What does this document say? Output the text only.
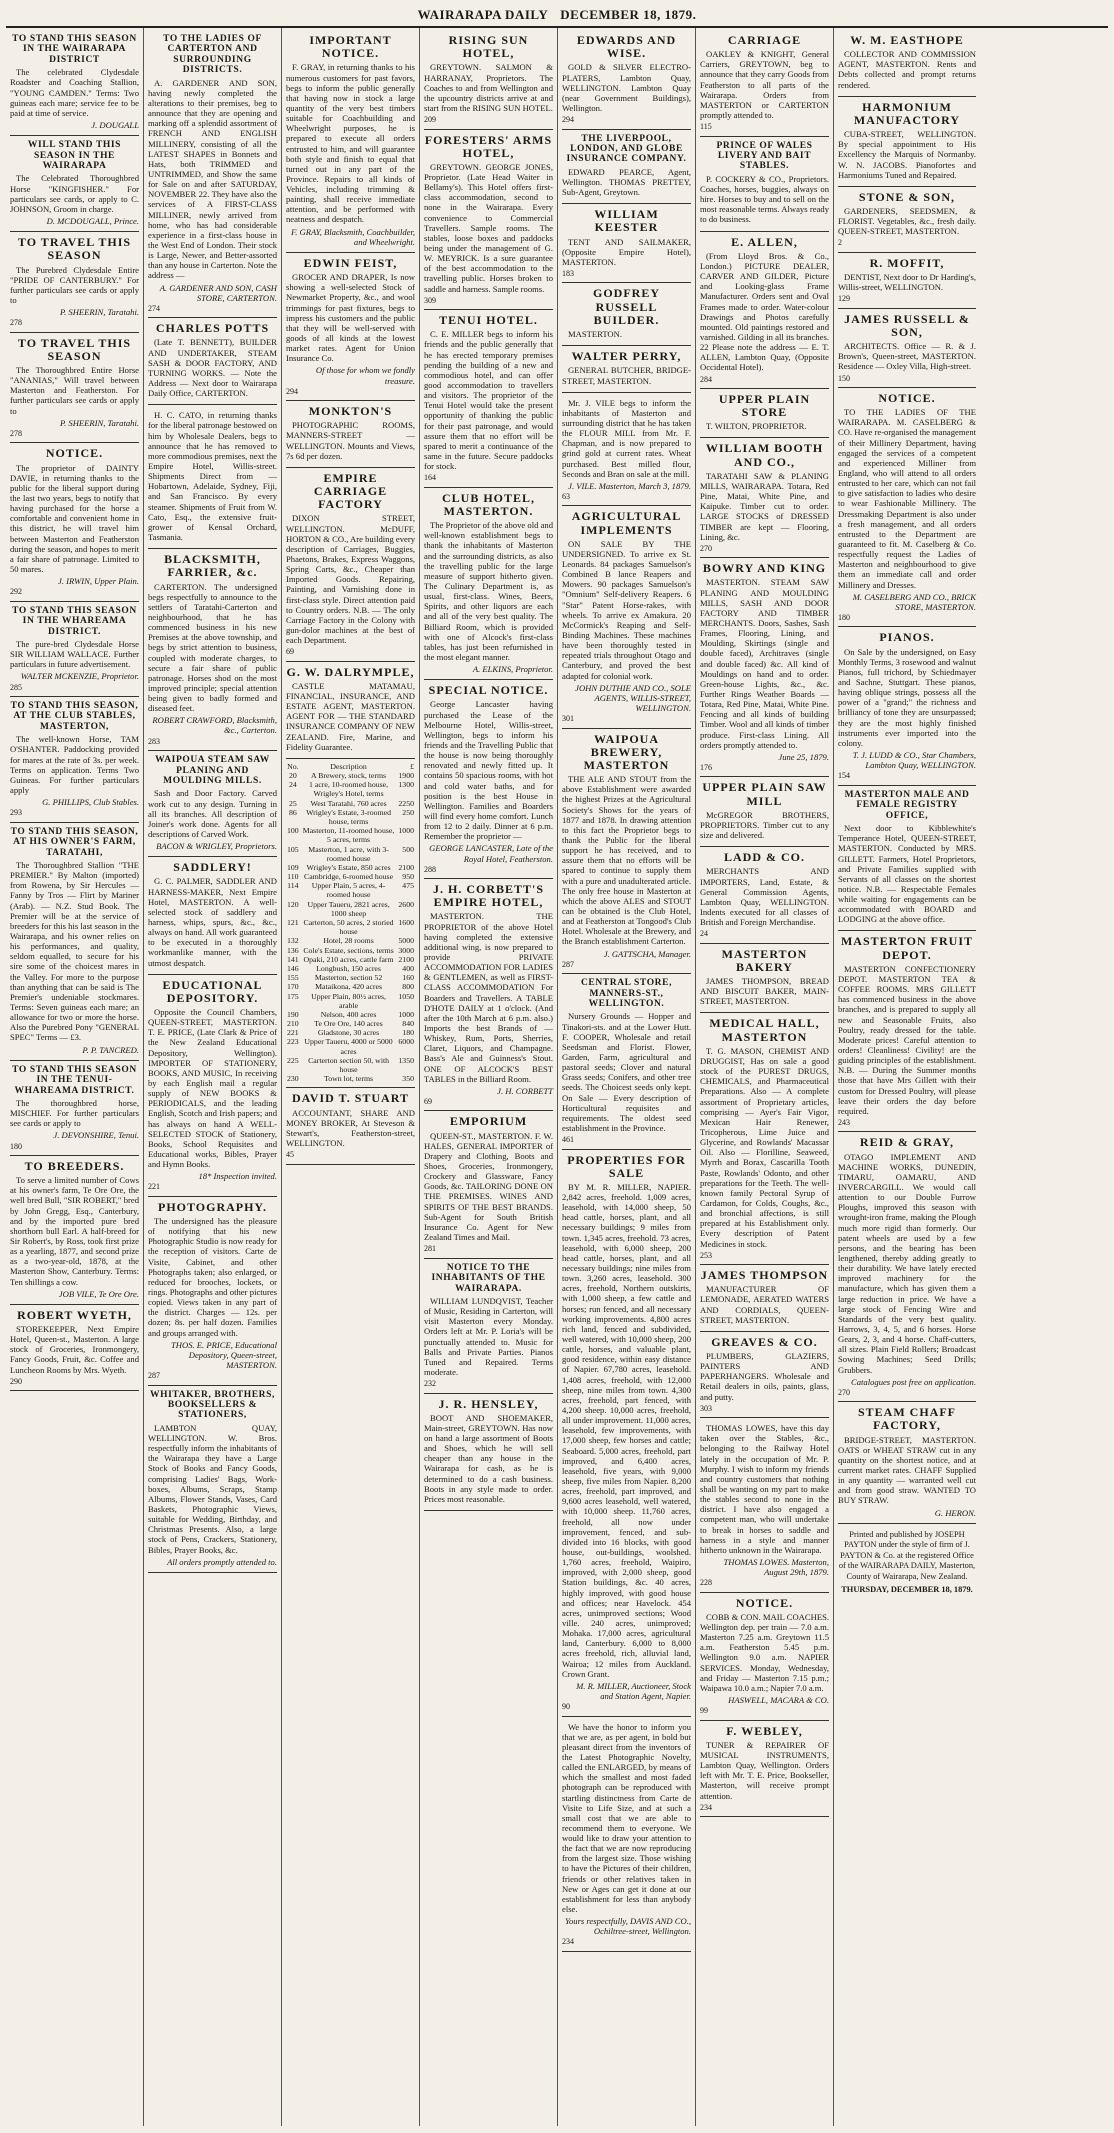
WAIRARAPA DAILY DECEMBER 18, 1879.
TO STAND THIS SEASON IN THE WAIRARAPA DISTRICT

The celebrated Clydesdale Roadster and Coaching Stallion, "YOUNG CAMDEN." Terms: Two guineas each mare; service fee to be paid at time of service.

J. DOUGALL
WILL STAND THIS SEASON IN THE WAIRARAPA

The Celebrated Thoroughbred Horse "KINGFISHER." For particulars see cards, or apply to C. JOHNSON, Groom in charge.

D. MCDOUGALL, Prince.
TO TRAVEL THIS SEASON

The Purebred Clydesdale Entire "PRIDE OF CANTERBURY." For further particulars see cards or apply to

P. SHEERIN, Taratahi.
278
TO TRAVEL THIS SEASON

The Thoroughbred Entire Horse "ANANIAS," Will travel between Masterton and Featherston. For further particulars see cards or apply to

P. SHEERIN, Taratahi.
278
NOTICE.

The proprietor of DAINTY DAVIE, in returning thanks to the public for the liberal support during the last two years, begs to notify that having purchased for the horse a comfortable and convenient home in this district, he will travel him between Masterton and Featherston during the season, and hopes to merit a fair share of patronage. Limited to 50 mares.

J. IRWIN, Upper Plain.
292
TO STAND THIS SEASON IN THE WHAREAMA DISTRICT.

The pure-bred Clydesdale Horse SIR WILLIAM WALLACE. Further particulars in future advertisement.

WALTER MCKENZIE, Proprietor.
285
TO STAND THIS SEASON, AT THE CLUB STABLES, MASTERTON,

The well-known Horse, TAM O'SHANTER. Paddocking provided for mares at the rate of 3s. per week. Terms on application. Terms Two Guineas. For further particulars apply

G. PHILLIPS, Club Stables.
293
TO STAND THIS SEASON, AT HIS OWNER'S FARM, TARATAHI,

The Thoroughbred Stallion "THE PREMIER." By Malton (imported) from Rowena, by Sir Hercules — Fanny by Tros — Flirt by Mariner (Arab). — N.Z. Stud Book. The Premier will be at the service of breeders for this his last season in the Wairarapa, and his owner relies on his performances, and quality, seldom equalled, to secure for his sire some of the choicest mares in the Valley. For more to the purpose than anything that can be said is The Premier's undeniable stockmares. Terms: Seven guineas each mare; an allowance for two or more the horse. Also the Purebred Pony "GENERAL SPEC" Terms — £3.

P. P. TANCRED.
TO STAND THIS SEASON IN THE TENUI-WHAREAMA DISTRICT.

The thoroughbred horse, MISCHIEF. For further particulars see cards or apply to

J. DEVONSHIRE, Tenui.
180
TO BREEDERS.

To serve a limited number of Cows at his owner's farm, Te Ore Ore, the well bred Bull, "SIR ROBERT," bred by John Gregg, Esq., Canterbury, and by the imported pure bred shorthorn bull Earl. A half-breed for Sir Robert's, by Ross, took first prize as a yearling, 1877, and second prize as a two-year-old, 1878, at the Masterton Show, Canterbury. Terms: Ten shillings a cow.

JOB VILE, Te Ore Ore.
ROBERT WYETH,

STOREKEEPER, Next Empire Hotel, Queen-st., Masterton. A large stock of Groceries, Ironmongery, Fancy Goods, Fruit, &c. Coffee and Luncheon Rooms by Mrs. Wyeth.

290
TO THE LADIES OF CARTERTON AND SURROUNDING DISTRICTS.

A. GARDENER AND SON, having newly completed the alterations to their premises, beg to announce that they are opening and marking off a splendid assortment of FRENCH AND ENGLISH MILLINERY, consisting of all the LATEST SHAPES in Bonnets and Hats, both TRIMMED and UNTRIMMED, and Show the same for Sale on and after SATURDAY, NOVEMBER 22. They have also the services of A FIRST-CLASS MILLINER, newly arrived from home, who has had considerable experience in a first-class house in the West End of London. Their stock is Large, Newer, and Better-assorted than any house in Carterton. Note the address —

A. GARDENER AND SON, CASH STORE, CARTERTON.
274
CHARLES POTTS

(Late T. BENNETT), BUILDER AND UNDERTAKER, STEAM SASH & DOOR FACTORY, AND TURNING WORKS. — Note the Address — Next door to Wairarapa Daily Office, CARTERTON.

H. C. CATO, in returning thanks for the liberal patronage bestowed on him by Wholesale Dealers, begs to announce that he has removed to more commodious premises, next the Empire Hotel, Willis-street. Shipments Direct from — Hobartown, Adelaide, Sydney, Fiji, and San Francisco. By every steamer. Shipments of Fruit from W. Cato, Esq., the extensive fruit-grower of Kensal Orchard, Tasmania.

BLACKSMITH, FARRIER, &c.

CARTERTON. The undersigned begs respectfully to announce to the settlers of Taratahi-Carterton and neighbourhood, that he has commenced business in his new Premises at the above township, and begs by strict attention to business, coupled with moderate charges, to secure a fair share of public patronage. Horses shod on the most improved principle; special attention being given to badly formed and diseased feet.

ROBERT CRAWFORD, Blacksmith, &c., Carterton.
283
WAIPOUA STEAM SAW PLANING AND MOULDING MILLS.

Sash and Door Factory. Carved work cut to any design. Turning in all its branches. All description of Joiner's work done. Agents for all descriptions of Carved Work.

BACON & WRIGLEY, Proprietors.
SADDLERY!

G. C. PALMER, SADDLER AND HARNESS-MAKER, Next Empire Hotel, MASTERTON. A well-selected stock of saddlery and harness, whips, spurs, &c., &c., always on hand. All work guaranteed to be executed in a thoroughly workmanlike manner, with the utmost despatch.

EDUCATIONAL DEPOSITORY.

Opposite the Council Chambers, QUEEN-STREET, MASTERTON. T. E. PRICE, (Late Clark & Price of the New Zealand Educational Depository, Wellington). IMPORTER OF STATIONERY, BOOKS, AND MUSIC, In receiving by each English mail a regular supply of NEW BOOKS & PERIODICALS, and the leading English, Scotch and Irish papers; and has always on hand A WELL-SELECTED STOCK of Stationery, Books, School Requisites and Educational works, Bibles, Prayer and Hymn Books.

18* Inspection invited.
221
PHOTOGRAPHY.

The undersigned has the pleasure of notifying that his new Photographic Studio is now ready for the reception of visitors. Carte de Visite, Cabinet, and other Photographs taken; also enlarged, or reduced for brooches, lockets, or rings. Photographs and other pictures copied. Views taken in any part of the district. Charges — 12s. per dozen; 8s. per half dozen. Families and groups arranged with.

THOS. E. PRICE, Educational Depository, Queen-street, MASTERTON.
287
WHITAKER, BROTHERS, BOOKSELLERS & STATIONERS,

LAMBTON QUAY, WELLINGTON. W. Bros. respectfully inform the inhabitants of the Wairarapa they have a Large Stock of Books and Fancy Goods, comprising Ladies' Bags, Work-boxes, Albums, Scraps, Stamp Albums, Flower Stands, Vases, Card Baskets, Photographic Views, suitable for Wedding, Birthday, and Christmas Presents. Also, a large stock of Pens, Crackers, Stationery, Bibles, Prayer Books, &c.

All orders promptly attended to.
IMPORTANT NOTICE.

F. GRAY, in returning thanks to his numerous customers for past favors, begs to inform the public generally that having now in stock a large quantity of the very best timbers suitable for Coachbuilding and Wheelwright purposes, he is prepared to execute all orders entrusted to him, and will guarantee both style and finish to equal that turned out in any part of the Province. Repairs to all kinds of Vehicles, including trimming & painting, shall receive immediate attention, and be performed with neatness and despatch.

F. GRAY, Blacksmith, Coachbuilder, and Wheelwright.
EDWIN FEIST,

GROCER AND DRAPER, Is now showing a well-selected Stock of Newmarket Property, &c., and wool trimmings for past fixtures, begs to impress his customers and the public that they will be well-served with goods of all kinds at the lowest market rates. Agent for Union Insurance Co.

Of those for whom we fondly treasure.
294
MONKTON'S

PHOTOGRAPHIC ROOMS, MANNERS-STREET — WELLINGTON. Mounts and Views, 7s 6d per dozen.

EMPIRE CARRIAGE FACTORY

DIXON STREET, WELLINGTON. McDUFF, HORTON & CO., Are building every description of Carriages, Buggies, Phaetons, Brakes, Express Waggons, Spring Carts, &c., Cheaper than Imported Goods. Repairing, Painting, and Varnishing done in first-class style. Direct attention paid to Country orders. N.B. — The only Carriage Factory in the Colony with gun-dolor machines at the best of each Department.

69
G. W. DALRYMPLE,

CASTLE MATAMAU, FINANCIAL, INSURANCE, AND ESTATE AGENT, MASTERTON. AGENT FOR — THE STANDARD INSURANCE COMPANY OF NEW ZEALAND. Fire, Marine, and Fidelity Guarantee.

No.	Description	£
20	A Brewery, stock, terms	1900
24	1 acre, 10-roomed house, Wrigley's Hotel, terms	1300
25	West Taratahi, 760 acres	2250
86	Wrigley's Estate, 3-roomed house, terms	250
100	Masterton, 11-roomed house, 5 acres, terms	1000
105	Masterton, 1 acre, with 3-roomed house	500
109	Wrigley's Estate, 850 acres	2100
110	Cambridge, 6-roomed house	950
114	Upper Plain, 5 acres, 4-roomed house	475
120	Upper Taueru, 2821 acres, 1000 sheep	2600
121	Carterton, 50 acres, 2 storied house	1600
132	Hotel, 28 rooms	5000
136	Cole's Estate, sections, terms	3000
141	Opaki, 210 acres, cattle farm	2100
146	Longbush, 150 acres	400
155	Masterton, section 52	160
170	Mataikona, 420 acres	800
175	Upper Plain, 80½ acres, arable	1050
190	Nelson, 400 acres	1000
210	Te Ore Ore, 140 acres	840
221	Gladstone, 30 acres	180
223	Upper Taueru, 4000 or 5000 acres	6000
225	Carterton section 50, with house	1350
230	Town lot, terms	350
DAVID T. STUART

ACCOUNTANT, SHARE AND MONEY BROKER, At Steveson & Stewart's, Featherston-street, WELLINGTON.

45
RISING SUN HOTEL,

GREYTOWN. SALMON & HARRANAY, Proprietors. The Coaches to and from Wellington and the upcountry districts arrive at and start from the RISING SUN HOTEL.

209
FORESTERS' ARMS HOTEL,

GREYTOWN. GEORGE JONES, Proprietor. (Late Head Waiter in Bellamy's). This Hotel offers first-class accommodation, second to none in the Wairarapa. Every convenience to Commercial Travellers. Sample rooms. The stables, loose boxes and paddocks being under the management of G. W. MEYRICK. Is a sure guarantee of the best accommodation to the travelling public. Horses broken to saddle and harness. Sample rooms.

309
TENUI HOTEL.

C. E. MILLER begs to inform his friends and the public generally that he has erected temporary premises pending the building of a new and commodious hotel, and can offer good accommodation to travellers and visitors. The proprietor of the Tenui Hotel would take the present opportunity of thanking the public for their past patronage, and would assure them that no effort will be spared to merit a continuance of the same in the future. Secure paddocks for stock.

164
CLUB HOTEL, MASTERTON.

The Proprietor of the above old and well-known establishment begs to thank the inhabitants of Masterton and the surrounding districts, as also the travelling public for the large measure of support hitherto given. The Culinary Department is, as usual, first-class. Wines, Beers, Spirits, and other liquors are each and all of the very best quality. The Billiard Room, which is provided with one of Alcock's first-class tables, has just been refurnished in the most elegant manner.

A. ELKINS, Proprietor.
SPECIAL NOTICE.

George Lancaster having purchased the Lease of the Melbourne Hotel, Willis-street, Wellington, begs to inform his friends and the Travelling Public that the house is now being thoroughly renovated and newly fitted up. It contains 50 spacious rooms, with hot and cold water baths, and for position is the best House in Wellington. Families and Boarders will find every home comfort. Lunch from 12 to 2 daily. Dinner at 6 p.m. Remember the proprietor —

GEORGE LANCASTER, Late of the Royal Hotel, Featherston.
288
J. H. CORBETT'S EMPIRE HOTEL,

MASTERTON. THE PROPRIETOR of the above Hotel having completed the extensive additional wing, is now prepared to provide PRIVATE ACCOMMODATION FOR LADIES & GENTLEMEN, as well as FIRST-CLASS ACCOMMODATION For Boarders and Travellers. A TABLE D'HOTE DAILY at 1 o'clock. (And after the 10th March at 6 p.m. also.) Imports the best Brands of — Whiskey, Rum, Ports, Sherries, Claret, Liquors, and Champagne. Bass's Ale and Guinness's Stout. ONE OF ALCOCK'S BEST TABLES in the Billiard Room.

J. H. CORBETT
69
EMPORIUM

QUEEN-ST., MASTERTON. F. W. HALES, GENERAL IMPORTER of Drapery and Clothing, Boots and Shoes, Groceries, Ironmongery, Crockery and Glassware, Fancy Goods, &c. TAILORING DONE ON THE PREMISES. WINES AND SPIRITS OF THE BEST BRANDS. Sub-Agent for South British Insurance Co. Agent for New Zealand Times and Mail.

281
NOTICE TO THE INHABITANTS OF THE WAIRARAPA.

WILLIAM LUNDQVIST, Teacher of Music, Residing in Carterton, will visit Masterton every Monday. Orders left at Mr. P. Loria's will be punctually attended to. Music for Balls and Private Parties. Pianos Tuned and Repaired. Terms moderate.

232
J. R. HENSLEY,

BOOT AND SHOEMAKER, Main-street, GREYTOWN. Has now on hand a large assortment of Boots and Shoes, which he will sell cheaper than any house in the Wairarapa for cash, as he is determined to do a cash business. Boots in any style made to order. Prices most reasonable.

EDWARDS AND WISE.

GOLD & SILVER ELECTRO-PLATERS, Lambton Quay, WELLINGTON. Lambton Quay (near Government Buildings), Wellington.

294
THE LIVERPOOL, LONDON, AND GLOBE INSURANCE COMPANY.

EDWARD PEARCE, Agent, Wellington. THOMAS PRETTEY, Sub-Agent, Greytown.

WILLIAM KEESTER

TENT AND SAILMAKER, (Opposite Empire Hotel), MASTERTON.

183
GODFREY RUSSELL BUILDER.

MASTERTON.

WALTER PERRY,

GENERAL BUTCHER, BRIDGE-STREET, MASTERTON.

Mr. J. VILE begs to inform the inhabitants of Masterton and surrounding district that he has taken the FLOUR MILL from Mr. F. Chapman, and is now prepared to grind gold at current rates. Wheat purchased. Best milled flour, Seconds and Bran on sale at the mill.

J. VILE. Masterton, March 3, 1879.
63
AGRICULTURAL IMPLEMENTS

ON SALE BY THE UNDERSIGNED. To arrive ex St. Leonards. 84 packages Samuelson's Combined B lance Reapers and Mowers. 90 packages Samuelson's "Omnium" Self-delivery Reapers. 6 "Star" Patent Horse-rakes, with wheels. To arrive ex Amakura. 20 McCormick's Reaping and Self-Binding Machines. These machines have been thoroughly tested in repeated trials throughout Otago and Canterbury, and proved the best adapted for colonial work.

JOHN DUTHIE AND CO., SOLE AGENTS, WILLIS-STREET, WELLINGTON.
301
WAIPOUA BREWERY, MASTERTON

THE ALE AND STOUT from the above Establishment were awarded the highest Prizes at the Agricultural Society's Shows for the years of 1877 and 1878. In drawing attention to this fact the Proprietor begs to thank the Public for the liberal support he has received, and to assure them that no efforts will be spared to continue to supply them with a pure and unadulterated article. The only free house in Masterton at which the above ALES and STOUT can be obtained is the Club Hotel, and at Featherston at Tongood's Club Hotel. Wholesale at the Brewery, and the Branch establishment Carterton.

J. GATTSCHA, Manager.
287
CENTRAL STORE, MANNERS-ST., WELLINGTON.

Nursery Grounds — Hopper and Tinakori-sts. and at the Lower Hutt. F. COOPER, Wholesale and retail Seedsman and Florist. Flower, Garden, Farm, agricultural and pastoral seeds; Clover and natural Grass seeds; Conifers, and other tree seeds. The Choicest seeds only kept. On Sale — Every description of Horticultural requisites and requirements. The oldest seed establishment in the Province.

461
PROPERTIES FOR SALE

BY M. R. MILLER, NAPIER. 2,842 acres, freehold. 1,009 acres, leasehold, with 14,000 sheep, 50 head cattle, horses, plant, and all necessary buildings; 9 miles from town. 1,345 acres, freehold. 73 acres, leasehold, with 6,000 sheep, 200 head cattle, horses, plant, and all necessary buildings; nine miles from town. 3,260 acres, leasehold. 300 acres, freehold, Northern outskirts, with 1,000 sheep, a few cattle and horses; run fenced, and all necessary working improvements. 4,800 acres rich land, fenced and subdivided, well watered, with 10,000 sheep, 200 cattle, horses, and valuable plant, good residence, within easy distance of Napier. 67,780 acres, leasehold. 1,408 acres, freehold, with 12,000 sheep, nine miles from town. 4,300 acres, freehold, part fenced, with 4,200 sheep. 10,000 acres, freehold, all under improvement. 11,000 acres, leasehold, few improvements, with 17,000 sheep, few horses and cattle; Seaboard. 5,000 acres, freehold, part improved, and 6,400 acres, leasehold, five years, with 9,000 sheep, five miles from Napier. 8,200 acres, freehold, part improved, and 9,600 acres leasehold, well watered, with 10,000 sheep. 11,760 acres, freehold, all now under improvement, fenced, and sub-divided into 16 blocks, with good house, out-buildings, woolshed. 1,760 acres, freehold, Waipiro, improved, with 2,000 sheep, good Station buildings, &c. 40 acres, highly improved, with good house and offices; near Havelock. 454 acres, unimproved sections; Wood ville. 240 acres, unimproved; Mohaka. 17,000 acres, agricultural land, Canterbury. 6,000 to 8,000 acres freehold, rich, alluvial land, Wairoa; 12 miles from Auckland. Crown Grant.

M. R. MILLER, Auctioneer, Stock and Station Agent, Napier.
90

We have the honor to inform you that we are, as per agent, in bold but pleasant direct from the inventors of the Latest Photographic Novelty, called the ENLARGED, by means of which the smallest and most faded photograph can be reproduced with startling distinctness from Carte de Visite to Life Size, and at such a small cost that we are able to recommend them to everyone. We would like to draw your attention to the fact that we are now reproducing from the largest size. Those wishing to have the Pictures of their children, friends or other relatives taken in New or Ages can get it done at our establishment for less than anybody else.

Yours respectfully, DAVIS AND CO., Ochiltree-street, Wellington.
234
CARRIAGE

OAKLEY & KNIGHT, General Carriers, GREYTOWN, beg to announce that they carry Goods from Featherston to all parts of the Wairarapa. Orders from MASTERTON or CARTERTON promptly attended to.

115
PRINCE OF WALES LIVERY AND BAIT STABLES.

P. COCKERY & CO., Proprietors. Coaches, horses, buggies, always on hire. Horses to buy and to sell on the most reasonable terms. Always ready to do business.

E. ALLEN,

(From Lloyd Bros. & Co., London.) PICTURE DEALER, CARVER AND GILDER, Picture and Looking-glass Frame Manufacturer. Orders sent and Oval Frames made to order. Water-colour Drawings and Photos carefully mounted. Old paintings restored and varnished. Gilding in all its branches. 22 Please note the address — E. T. ALLEN, Lambton Quay, (Opposite Occidental Hotel).

284
UPPER PLAIN STORE

T. WILTON, PROPRIETOR.

WILLIAM BOOTH AND CO.,

TARATAHI SAW & PLANING MILLS, WAIRARAPA. Totara, Red Pine, Matai, White Pine, and Kaipuke. Timber cut to order. LARGE STOCKS of DRESSED TIMBER are kept — Flooring, Lining, &c.

270
BOWRY AND KING

MASTERTON. STEAM SAW PLANING AND MOULDING MILLS, SASH AND DOOR FACTORY AND TIMBER MERCHANTS. Doors, Sashes, Sash Frames, Flooring, Lining, and Moulding, Skirtings (single and double faced), Architraves (single and double faced) &c. All kind of Mouldings on hand and to order. Green-house Lights, &c., &c. Further Rings Weather Boards — Totara, Red Pine, Matai, White Pine. Fencing and all kinds of building Timber. Wool and all kinds of timber produce. First-class Lining. All orders promptly attended to.

June 25, 1879.
176
UPPER PLAIN SAW MILL

McGREGOR BROTHERS, PROPRIETORS. Timber cut to any size and delivered.

LADD & CO.

MERCHANTS AND IMPORTERS, Land, Estate, & General Commission Agents, Lambton Quay, WELLINGTON. Indents executed for all classes of British and Foreign Merchandise.

24
MASTERTON BAKERY

JAMES THOMPSON, BREAD AND BISCUIT BAKER, MAIN-STREET, MASTERTON.

MEDICAL HALL, MASTERTON

T. G. MASON, CHEMIST AND DRUGGIST, Has on sale a good stock of the PUREST DRUGS, CHEMICALS, and Pharmaceutical Preparations. Also — A complete assortment of Proprietary articles, comprising — Ayer's Fair Vigor, Mexican Hair Renewer, Tricopherous, Lime Juice and Glycerine, and Rowlands' Macassar Oil. Also — Florilline, Seaweed, Myrrh and Borax, Cascarilla Tooth Paste, Rowlands' Odonto, and other preparations for the Teeth. The well-known family Pectoral Syrup of Cardamon, for Colds, Coughs, &c., and bronchial affections, is still prepared at his Establishment only. Every description of Patent Medicines in stock.

253
JAMES THOMPSON

MANUFACTURER OF LEMONADE, AERATED WATERS AND CORDIALS, QUEEN-STREET, MASTERTON.

GREAVES & CO.

PLUMBERS, GLAZIERS, PAINTERS AND PAPERHANGERS. Wholesale and Retail dealers in oils, paints, glass, and putty.

303

THOMAS LOWES, have this day taken over the Stables, &c., belonging to the Railway Hotel lately in the occupation of Mr. P. Murphy. I wish to inform my friends and country customers that nothing shall be wanting on my part to make the stables second to none in the district. I have also engaged a competent man, who will undertake to break in horses to saddle and harness in a style and manner hitherto unknown in the Wairarapa.

THOMAS LOWES. Masterton, August 29th, 1879.
228
NOTICE.

COBB & CON. MAIL COACHES. Wellington dep. per train — 7.0 a.m. Masterton 7.25 a.m. Greytown 11.5 a.m. Featherston 5.45 p.m. Wellington 9.0 a.m. NAPIER SERVICES. Monday, Wednesday, and Friday — Masterton 7.15 p.m.; Waipawa 10.0 a.m.; Napier 7.0 a.m.

HASWELL, MACARA & CO.
99
F. WEBLEY,

TUNER & REPAIRER OF MUSICAL INSTRUMENTS, Lambton Quay, Wellington. Orders left with Mr. T. E. Price, Bookseller, Masterton, will receive prompt attention.

234
W. M. EASTHOPE

COLLECTOR AND COMMISSION AGENT, MASTERTON. Rents and Debts collected and prompt returns rendered.

HARMONIUM MANUFACTORY

CUBA-STREET, WELLINGTON. By special appointment to His Excellency the Marquis of Normanby. W. N. JACOBS. Pianofortes and Harmoniums Tuned and Repaired.

STONE & SON,

GARDENERS, SEEDSMEN, & FLORIST. Vegetables, &c., fresh daily. QUEEN-STREET, MASTERTON.

2
R. MOFFIT,

DENTIST, Next door to Dr Harding's, Willis-street, WELLINGTON.

129
JAMES RUSSELL & SON,

ARCHITECTS. Office — R. & J. Brown's, Queen-street, MASTERTON. Residence — Oxley Villa, High-street.

150
NOTICE.

TO THE LADIES OF THE WAIRARAPA. M. CASELBERG & CO. Have re-organised the management of their Millinery Department, having engaged the services of a competent and experienced Milliner from England, who will attend to all orders entrusted to her care, which can not fail to give satisfaction to ladies who desire to wear Fashionable Millinery. The Dressmaking Department is also under a fresh management, and all orders entrusted to the Department are guaranteed to fit. M. Caselberg & Co. respectfully request the Ladies of Masterton and neighbourhood to give them an immediate call and order Millinery and Dresses.

M. CASELBERG AND CO., BRICK STORE, MASTERTON.
180
PIANOS.

On Sale by the undersigned, on Easy Monthly Terms, 3 rosewood and walnut Pianos, full trichord, by Schiedmayer and Sachne, Stuttgart. These pianos, having oblique strings, possess all the power of a "grand;" the richness and brilliancy of tone they are unsurpassed; they are the most highly finished instruments ever imported into the colony.

T. J. LUDD & CO., Star Chambers, Lambton Quay, WELLINGTON.
154
MASTERTON MALE AND FEMALE REGISTRY OFFICE,

Next door to Kibblewhite's Temperance Hotel, QUEEN-STREET, MASTERTON. Conducted by MRS. GILLETT. Farmers, Hotel Proprietors, and Private Families supplied with Servants of all classes on the shortest notice. N.B. — Respectable Females while waiting for engagements can be accommodated with BOARD and LODGING at the above office.

MASTERTON FRUIT DEPOT.

MASTERTON CONFECTIONERY DEPOT. MASTERTON TEA & COFFEE ROOMS. MRS GILLETT has commenced business in the above branches, and is prepared to supply all new and Seasonable Fruits, also Poultry, ready dressed for the table. Moderate prices! Careful attention to orders! Cleanliness! Civility! are the guiding principles of the establishment. N.B. — During the Summer months those that have Mrs Gillett with their custom for Dressed Poultry, will please leave their orders the day before required.

243
REID & GRAY,

OTAGO IMPLEMENT AND MACHINE WORKS, DUNEDIN, TIMARU, OAMARU, AND INVERCARGILL. We would call attention to our Double Furrow Ploughs, improved this season with wrought-iron frame, making the Plough much more rigid than formerly. Our patent wheels are used by a few persons, and the bearing has been lengthened, thereby adding greatly to their durability. We have lately erected improved machinery for the manufacture, which has given them a large reduction in price. We have a large stock of Fencing Wire and Standards of the very best quality. Harrows, 3, 4, 5, and 6 horses. Horse Gears, 2, 3, and 4 horse. Chaff-cutters, all sizes. Plain Field Rollers; Broadcast Sowing Machines; Seed Drills; Grubbers.

Catalogues post free on application.
270
STEAM CHAFF FACTORY,

BRIDGE-STREET, MASTERTON. OATS or WHEAT STRAW cut in any quantity on the shortest notice, and at current market rates. CHAFF Supplied in any quantity — warranted well cut and from good straw. WANTED TO BUY STRAW.

G. HERON.
Printed and published by JOSEPH PAYTON under the style of firm of J. PAYTON & Co. at the registered Office of the WAIRARAPA DAILY, Masterton, County of Wairarapa, New Zealand.
THURSDAY, DECEMBER 18, 1879.
